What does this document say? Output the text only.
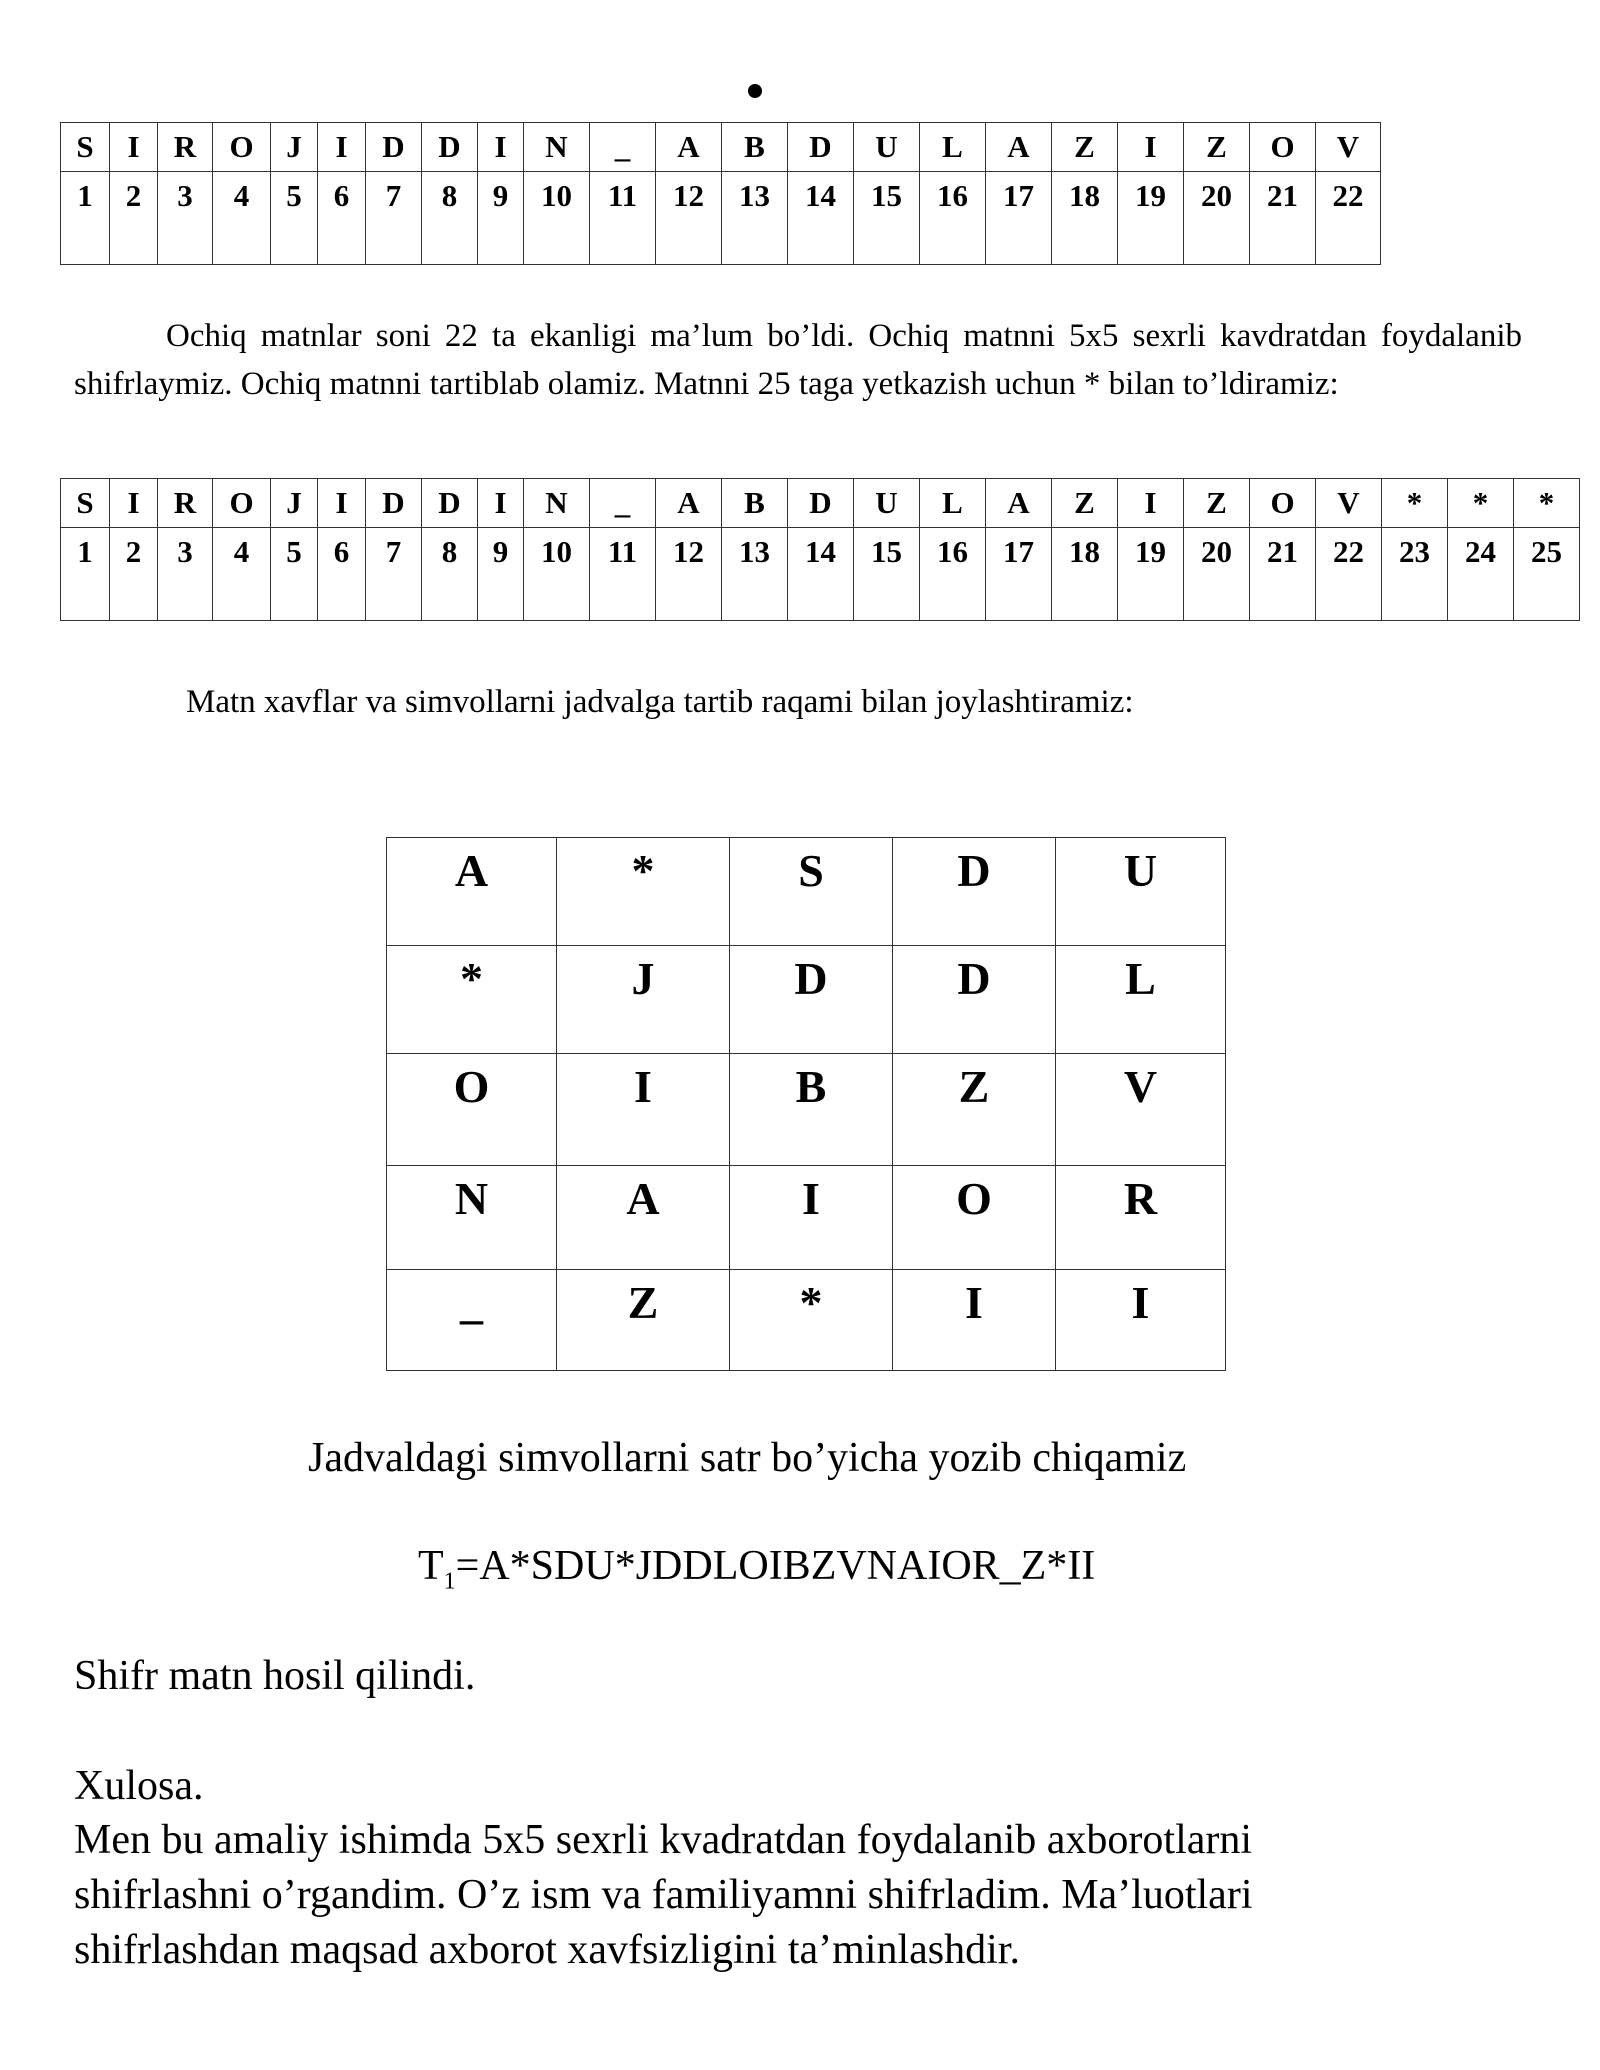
S	I	R	O	J	I	D	D	I	N	_	A	B	D	U	L	A	Z	I	Z	O	V
1	2	3	4	5	6	7	8	9	10	11	12	13	14	15	16	17	18	19	20	21	22

Ochiq matnlar soni 22 ta ekanligi ma’lum bo’ldi. Ochiq matnni 5x5 sexrli kavdratdan foydalanib shifrlaymiz. Ochiq matnni tartiblab olamiz. Matnni 25 taga yetkazish uchun * bilan to’ldiramiz:

S	I	R	O	J	I	D	D	I	N	_	A	B	D	U	L	A	Z	I	Z	O	V	*	*	*
1	2	3	4	5	6	7	8	9	10	11	12	13	14	15	16	17	18	19	20	21	22	23	24	25

Matn xavflar va simvollarni jadvalga tartib raqami bilan joylashtiramiz:

A	*	S	D	U
*	J	D	D	L
O	I	B	Z	V
N	A	I	O	R
_	Z	*	I	I

Jadvaldagi simvollarni satr bo’yicha yozib chiqamiz

$T_1=A*SDU*JDDLOIBZVNAIOR\_Z*II$

Shifr matn hosil qilindi.

Xulosa.

Men bu amaliy ishimda 5x5 sexrli kvadratdan foydalanib axborotlarni

shifrlashni o’rgandim. O’z ism va familiyamni shifrladim. Ma’luotlari

shifrlashdan maqsad axborot xavfsizligini ta’minlashdir.
